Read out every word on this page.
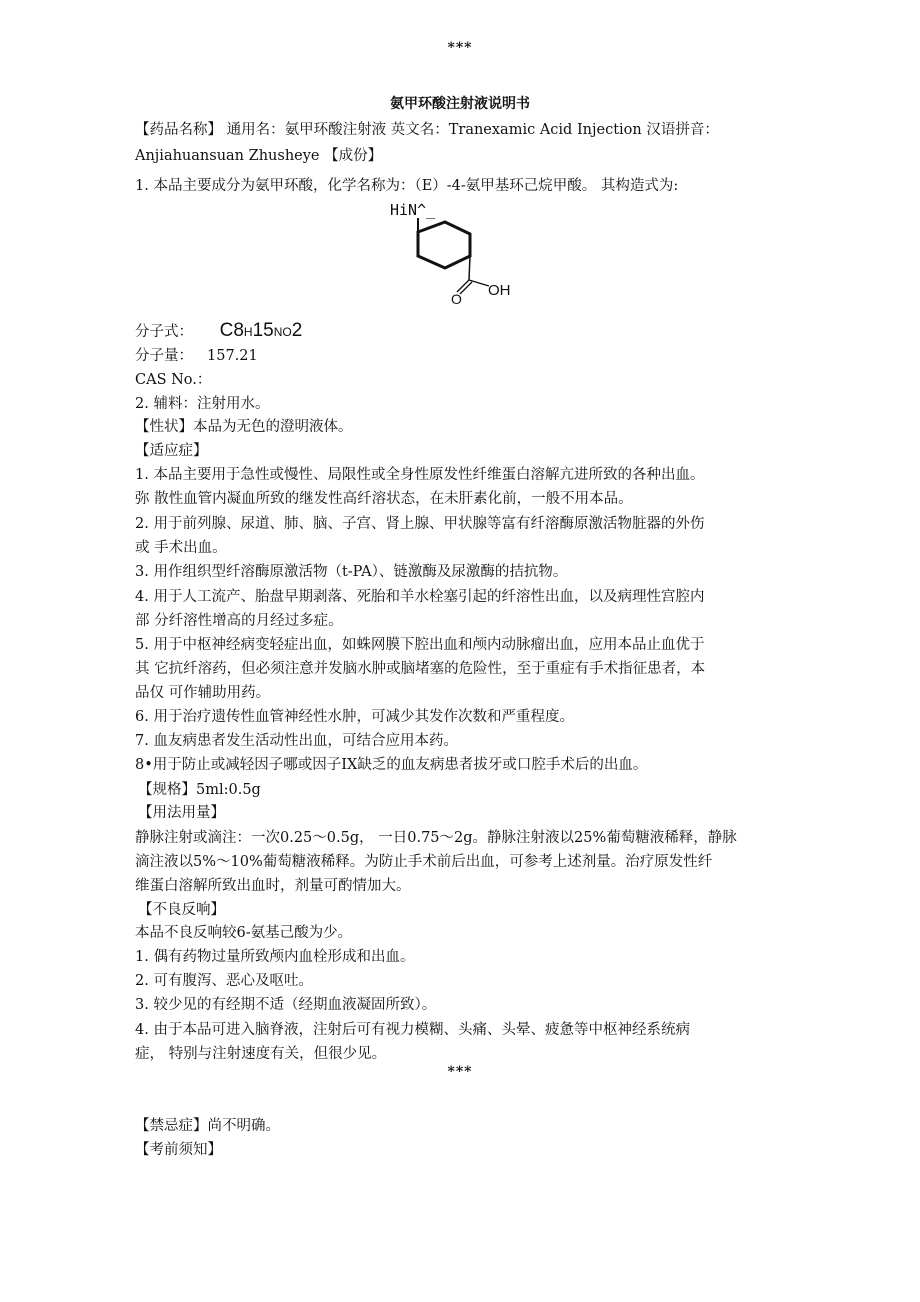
***
氨甲环酸注射液说明书
【药品名称】 通用名：氨甲环酸注射液 英文名：Tranexamic Acid Injection 汉语拼音：
Anjiahuansuan Zhusheye 【成份】
1. 本品主要成分为氨甲环酸，化学名称为：（E）-4-氨甲基环己烷甲酸。 其构造式为:
HiN^_
O OH
分子式： C8H15NO2
分子量： 157.21
CAS No.：
2. 辅料：注射用水。
【性状】本品为无色的澄明液体。
【适应症】
1. 本品主要用于急性或慢性、局限性或全身性原发性纤维蛋白溶解亢进所致的各种出血。
弥 散性血管内凝血所致的继发性高纤溶状态，在未肝素化前，一般不用本品。
2. 用于前列腺、尿道、肺、脑、子宫、肾上腺、甲状腺等富有纤溶酶原激活物脏器的外伤
或 手术出血。
3. 用作组织型纤溶酶原激活物（t-PA）、链激酶及尿激酶的拮抗物。
4. 用于人工流产、胎盘早期剥落、死胎和羊水栓塞引起的纤溶性出血，以及病理性宫腔内
部 分纤溶性增高的月经过多症。
5. 用于中枢神经病变轻症出血，如蛛网膜下腔出血和颅内动脉瘤出血，应用本品止血优于
其 它抗纤溶药，但必须注意并发脑水肿或脑堵塞的危险性，至于重症有手术指征患者，本
品仅 可作辅助用药。
6. 用于治疗遗传性血管神经性水肿，可减少其发作次数和严重程度。
7. 血友病患者发生活动性出血，可结合应用本药。
8•用于防止或减轻因子哪或因子IX缺乏的血友病患者拔牙或口腔手术后的出血。
【规格】5ml:0.5g
【用法用量】
静脉注射或滴注：一次0.25〜0.5g， 一日0.75〜2g。静脉注射液以25%葡萄糖液稀释，静脉
滴注液以5%〜10%葡萄糖液稀释。为防止手术前后出血，可参考上述剂量。治疗原发性纤
维蛋白溶解所致出血时，剂量可酌情加大。
【不良反响】
本品不良反响较6-氨基己酸为少。
1. 偶有药物过量所致颅内血栓形成和出血。
2. 可有腹泻、恶心及呕吐。
3. 较少见的有经期不适（经期血液凝固所致）。
4. 由于本品可进入脑脊液，注射后可有视力模糊、头痛、头晕、疲惫等中枢神经系统病
症， 特别与注射速度有关，但很少见。
***
【禁忌症】尚不明确。
【考前须知】
